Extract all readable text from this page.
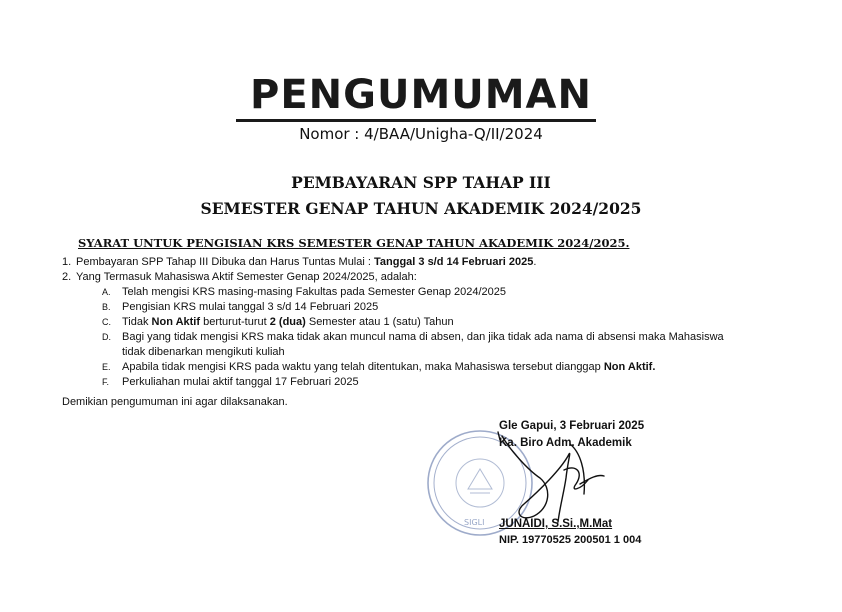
PENGUMUMAN
Nomor : 4/BAA/Unigha-Q/II/2024
PEMBAYARAN SPP TAHAP III
SEMESTER GENAP TAHUN AKADEMIK 2024/2025
SYARAT UNTUK PENGISIAN KRS SEMESTER GENAP TAHUN AKADEMIK 2024/2025.
1. Pembayaran SPP Tahap III Dibuka dan Harus Tuntas Mulai : Tanggal 3 s/d 14 Februari 2025.
2. Yang Termasuk Mahasiswa Aktif Semester Genap 2024/2025, adalah:
A.	Telah mengisi KRS masing-masing Fakultas pada Semester Genap 2024/2025
B.	Pengisian KRS mulai tanggal 3 s/d 14 Februari 2025
C.	Tidak Non Aktif berturut-turut 2 (dua) Semester atau 1 (satu) Tahun
D.	Bagi yang tidak mengisi KRS maka tidak akan muncul nama di absen, dan jika tidak ada nama di absensi maka Mahasiswa tidak dibenarkan mengikuti kuliah
E.	Apabila tidak mengisi KRS pada waktu yang telah ditentukan, maka Mahasiswa tersebut dianggap Non Aktif.
F.	Perkuliahan mulai aktif tanggal 17 Februari 2025
Demikian pengumuman ini agar dilaksanakan.
SIGLI
Gle Gapui, 3 Februari 2025
Ka. Biro Adm. Akademik
JUNAIDI, S.Si.,M.Mat
NIP. 19770525 200501 1 004
